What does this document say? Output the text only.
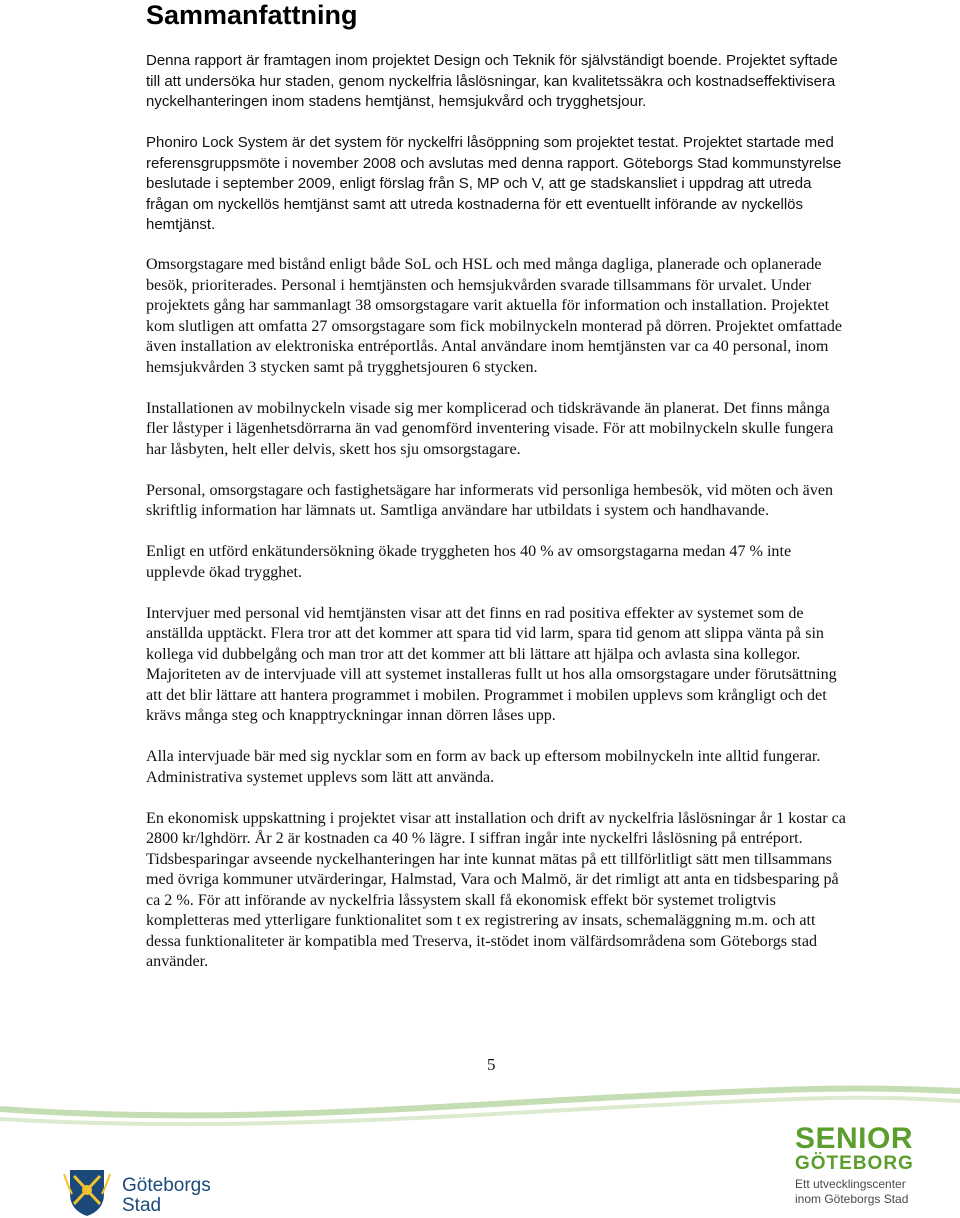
Sammanfattning

Denna rapport är framtagen inom projektet Design och Teknik för självständigt boende. Projektet syftade till att undersöka hur staden, genom nyckelfria låslösningar, kan kvalitetssäkra och kostnadseffektivisera nyckelhanteringen inom stadens hemtjänst, hemsjukvård och trygghetsjour.

Phoniro Lock System är det system för nyckelfri låsöppning som projektet testat. Projektet startade med referensgruppsmöte i november 2008 och avslutas med denna rapport. Göteborgs Stad kommunstyrelse beslutade i september 2009, enligt förslag från S, MP och V, att ge stadskansliet i uppdrag att utreda frågan om nyckellös hemtjänst samt att utreda kostnaderna för ett eventuellt införande av nyckellös hemtjänst.

Omsorgstagare med bistånd enligt både SoL och HSL och med många dagliga, planerade och oplanerade besök, prioriterades. Personal i hemtjänsten och hemsjukvården svarade tillsammans för urvalet. Under projektets gång har sammanlagt 38 omsorgstagare varit aktuella för information och installation. Projektet kom slutligen att omfatta 27 omsorgstagare som fick mobilnyckeln monterad på dörren. Projektet omfattade även installation av elektroniska entréportlås. Antal användare inom hemtjänsten var ca 40 personal, inom hemsjukvården 3 stycken samt på trygghetsjouren 6 stycken.

Installationen av mobilnyckeln visade sig mer komplicerad och tidskrävande än planerat. Det finns många fler låstyper i lägenhetsdörrarna än vad genomförd inventering visade. För att mobilnyckeln skulle fungera har låsbyten, helt eller delvis, skett hos sju omsorgstagare.

Personal, omsorgstagare och fastighetsägare har informerats vid personliga hembesök, vid möten och även skriftlig information har lämnats ut. Samtliga användare har utbildats i system och handhavande.

Enligt en utförd enkätundersökning ökade tryggheten hos 40 % av omsorgstagarna medan 47 % inte upplevde ökad trygghet.

Intervjuer med personal vid hemtjänsten visar att det finns en rad positiva effekter av systemet som de anställda upptäckt. Flera tror att det kommer att spara tid vid larm, spara tid genom att slippa vänta på sin kollega vid dubbelgång och man tror att det kommer att bli lättare att hjälpa och avlasta sina kollegor. Majoriteten av de intervjuade vill att systemet installeras fullt ut hos alla omsorgstagare under förutsättning att det blir lättare att hantera programmet i mobilen. Programmet i mobilen upplevs som krångligt och det krävs många steg och knapptryckningar innan dörren låses upp.

Alla intervjuade bär med sig nycklar som en form av back up eftersom mobilnyckeln inte alltid fungerar. Administrativa systemet upplevs som lätt att använda.

En ekonomisk uppskattning i projektet visar att installation och drift av nyckelfria låslösningar år 1 kostar ca 2800 kr/lghdörr. År 2 är kostnaden ca 40 % lägre. I siffran ingår inte nyckelfri låslösning på entréport. Tidsbesparingar avseende nyckelhanteringen har inte kunnat mätas på ett tillförlitligt sätt men tillsammans med övriga kommuner utvärderingar, Halmstad, Vara och Malmö, är det rimligt att anta en tidsbesparing på ca 2 %. För att införande av nyckelfria låssystem skall få ekonomisk effekt bör systemet troligtvis kompletteras med ytterligare funktionalitet som t ex registrering av insats, schemaläggning m.m. och att dessa funktionaliteter är kompatibla med Treserva, it-stödet inom välfärdsområdena som Göteborgs stad använder.

5
Göteborgs
Stad
SENIOR
GÖTEBORG
Ett utvecklingscenter
inom Göteborgs Stad
